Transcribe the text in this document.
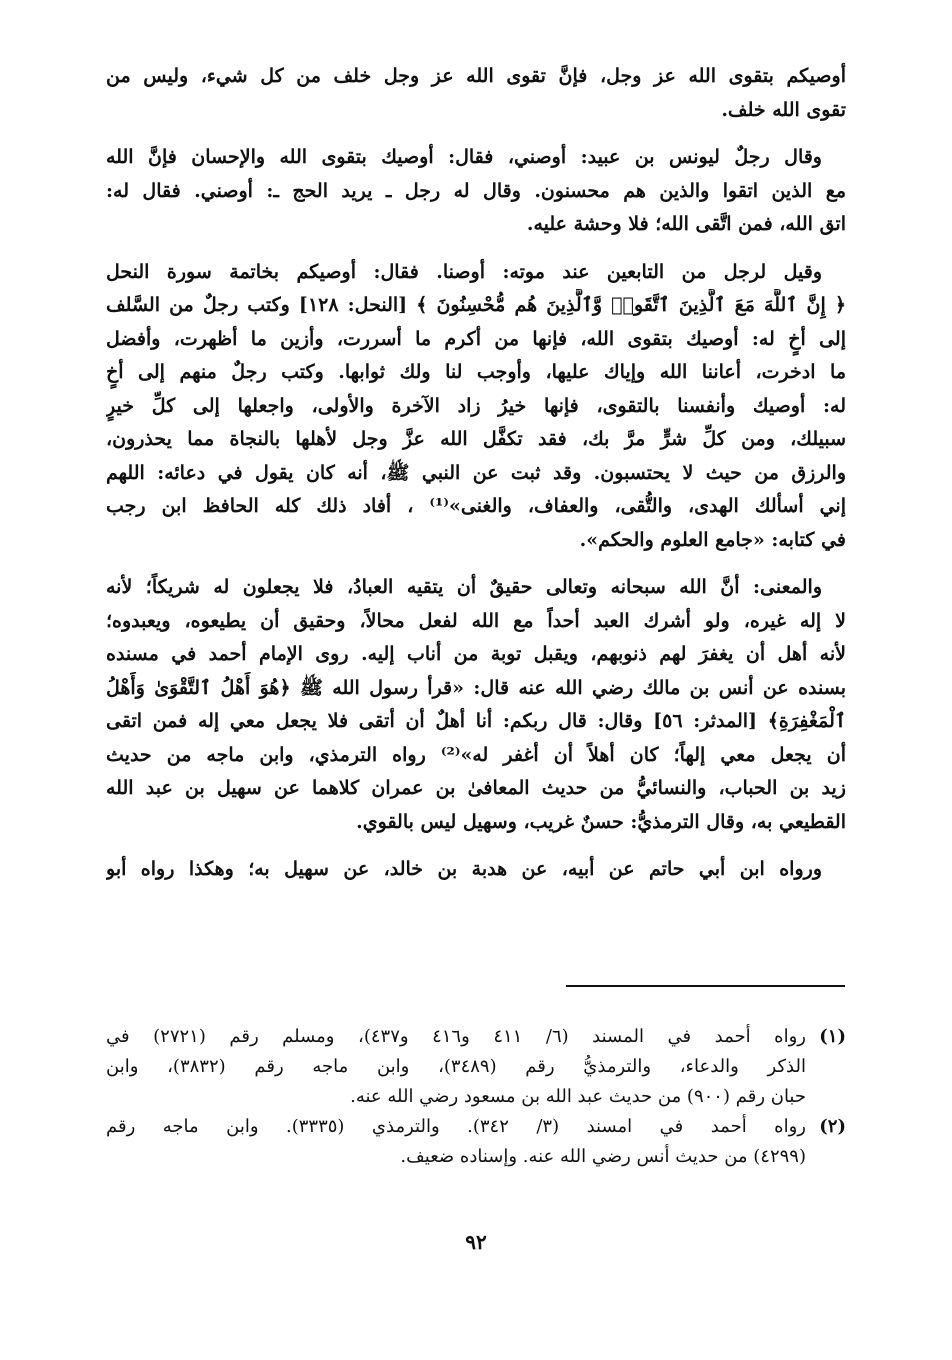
أوصيكم بتقوى الله عز وجل، فإنَّ تقوى الله عز وجل خلف من كل شيء، وليس من
تقوى الله خلف.
وقال رجلٌ ليونس بن عبيد: أوصني، فقال: أوصيك بتقوى الله والإحسان فإنَّ الله
مع الذين اتقوا والذين هم محسنون. وقال له رجل ـ يريد الحج ـ: أوصني. فقال له:
اتق الله، فمن اتَّقى الله؛ فلا وحشة عليه.
وقيل لرجل من التابعين عند موته: أوصنا. فقال: أوصيكم بخاتمة سورة النحل
﴿ إِنَّ ٱللَّهَ مَعَ ٱلَّذِينَ ٱتَّقَوا۟ وَّٱلَّذِينَ هُم مُّحْسِنُونَ ﴾ [النحل: ١٢٨] وكتب رجلٌ من السَّلف
إلى أخٍ له: أوصيك بتقوى الله، فإنها من أكرم ما أسررت، وأزين ما أظهرت، وأفضل
ما ادخرت، أعاننا الله وإياك عليها، وأوجب لنا ولك ثوابها. وكتب رجلٌ منهم إلى أخٍ
له: أوصيك وأنفسنا بالتقوى، فإنها خيرُ زاد الآخرة والأولى، واجعلها إلى كلِّ خيرٍ
سبيلك، ومن كلِّ شرٍّ مرَّ بك، فقد تكفَّل الله عزَّ وجل لأهلها بالنجاة مما يحذرون،
والرزق من حيث لا يحتسبون. وقد ثبت عن النبي ﷺ، أنه كان يقول في دعائه: اللهم
إني أسألك الهدى، والتُّقى، والعفاف، والغنى»⁽¹⁾ ، أفاد ذلك كله الحافظ ابن رجب
في كتابه: «جامع العلوم والحكم».
والمعنى: أنَّ الله سبحانه وتعالى حقيقٌ أن يتقيه العبادُ، فلا يجعلون له شريكاً؛ لأنه
لا إله غيره، ولو أشرك العبد أحداً مع الله لفعل محالاً، وحقيق أن يطيعوه، ويعبدوه؛
لأنه أهل أن يغفرَ لهم ذنوبهم، ويقبل توبة من أناب إليه. روى الإمام أحمد في مسنده
بسنده عن أنس بن مالك رضي الله عنه قال: «قرأ رسول الله ﷺ ﴿هُوَ أَهْلُ ٱلتَّقْوَىٰ وَأَهْلُ
ٱلْمَغْفِرَةِ﴾ [المدثر: ٥٦] وقال: قال ربكم: أنا أهلٌ أن أتقى فلا يجعل معي إله فمن اتقى
أن يجعل معي إلهاً؛ كان أهلاً أن أغفر له»⁽²⁾ رواه الترمذي، وابن ماجه من حديث
زيد بن الحباب، والنسائيُّ من حديث المعافىٰ بن عمران كلاهما عن سهيل بن عبد الله
القطيعي به، وقال الترمذيُّ: حسنٌ غريب، وسهيل ليس بالقوي.
ورواه ابن أبي حاتم عن أبيه، عن هدبة بن خالد، عن سهيل به؛ وهكذا رواه أبو
(١)
رواه أحمد في المسند (٦/ ٤١١ و٤١٦ و٤٣٧)، ومسلم رقم (٢٧٢١) في
الذكر والدعاء، والترمذيُّ رقم (٣٤٨٩)، وابن ماجه رقم (٣٨٣٢)، وابن
حبان رقم (٩٠٠) من حديث عبد الله بن مسعود رضي الله عنه.
(٢)
رواه أحمد في امسند (٣/ ٣٤٢). والترمذي (٣٣٣٥). وابن ماجه رقم
(٤٢٩٩) من حديث أنس رضي الله عنه. وإسناده ضعيف.
٩٢
